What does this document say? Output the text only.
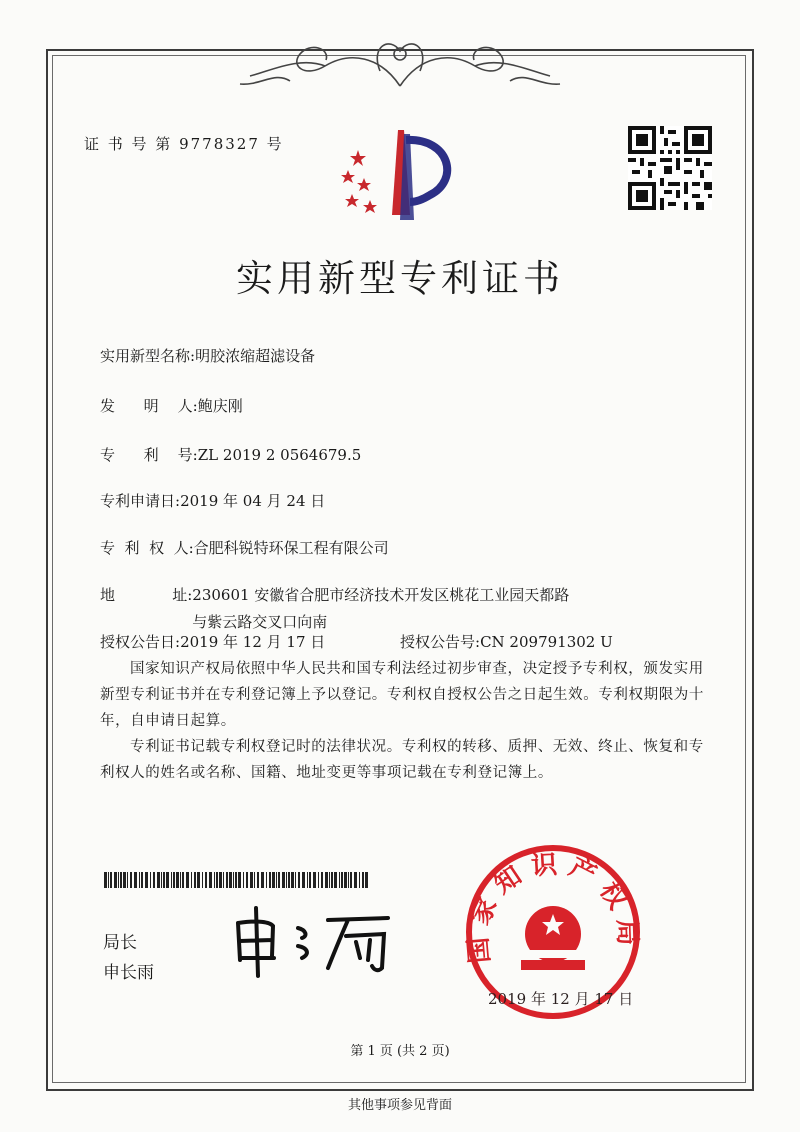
证 书 号 第 9778327 号
实用新型专利证书
实用新型名称:明胶浓缩超滤设备
发      明    人:鲍庆刚
专      利    号:ZL 2019 2 0564679.5
专利申请日:2019 年 04 月 24 日
专  利  权  人:合肥科锐特环保工程有限公司
地            址: 230601 安徽省合肥市经济技术开发区桃花工业园天都路
与紫云路交叉口向南
授权公告日:2019 年 12 月 17 日	授权公告号:CN 209791302 U
国家知识产权局依照中华人民共和国专利法经过初步审查，决定授予专利权，颁发实用新型专利证书并在专利登记簿上予以登记。专利权自授权公告之日起生效。专利权期限为十年，自申请日起算。
专利证书记载专利权登记时的法律状况。专利权的转移、质押、无效、终止、恢复和专利权人的姓名或名称、国籍、地址变更等事项记载在专利登记簿上。
局长
申长雨
国家知识产权局
2019 年 12 月 17 日
第 1 页 (共 2 页)
其他事项参见背面
